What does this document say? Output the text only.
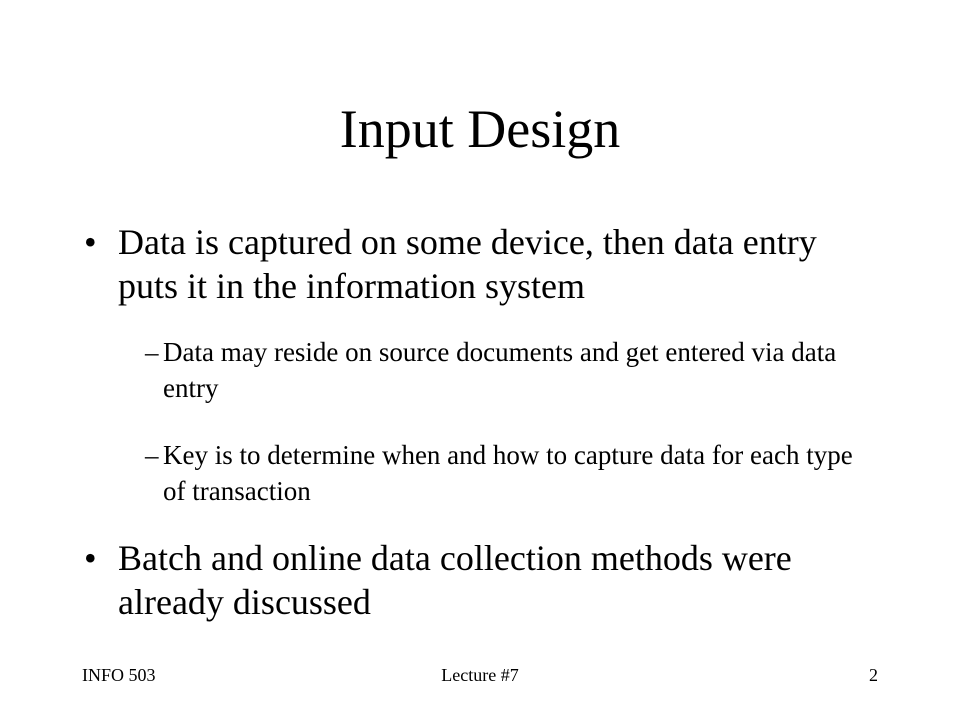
Input Design
• Data is captured on some device, then data entry puts it in the information system
– Data may reside on source documents and get entered via data entry
– Key is to determine when and how to capture data for each type of transaction
• Batch and online data collection methods were already discussed
INFO 503	Lecture #7	2
